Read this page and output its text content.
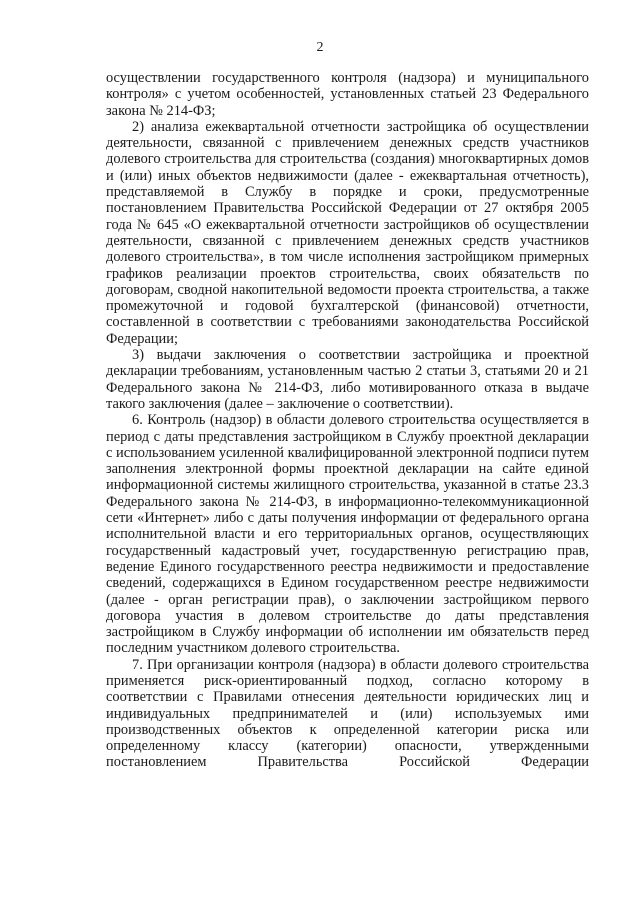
2

осуществлении государственного контроля (надзора) и муниципального контроля» с учетом особенностей, установленных статьей 23 Федерального закона № 214-ФЗ;

2) анализа ежеквартальной отчетности застройщика об осуществлении деятельности, связанной с привлечением денежных средств участников долевого строительства для строительства (создания) многоквартирных домов и (или) иных объектов недвижимости (далее - ежеквартальная отчетность), представляемой в Службу в порядке и сроки, предусмотренные постановлением Правительства Российской Федерации от 27 октября 2005 года № 645 «О ежеквартальной отчетности застройщиков об осуществлении деятельности, связанной с привлечением денежных средств участников долевого строительства», в том числе исполнения застройщиком примерных графиков реализации проектов строительства, своих обязательств по договорам, сводной накопительной ведомости проекта строительства, а также промежуточной и годовой бухгалтерской (финансовой) отчетности, составленной в соответствии с требованиями законодательства Российской Федерации;

3) выдачи заключения о соответствии застройщика и проектной декларации требованиям, установленным частью 2 статьи 3, статьями 20 и 21 Федерального закона № 214-ФЗ, либо мотивированного отказа в выдаче такого заключения (далее – заключение о соответствии).

6. Контроль (надзор) в области долевого строительства осуществляется в период с даты представления застройщиком в Службу проектной декларации с использованием усиленной квалифицированной электронной подписи путем заполнения электронной формы проектной декларации на сайте единой информационной системы жилищного строительства, указанной в статье 23.3 Федерального закона № 214-ФЗ, в информационно-телекоммуникационной сети «Интернет» либо с даты получения информации от федерального органа исполнительной власти и его территориальных органов, осуществляющих государственный кадастровый учет, государственную регистрацию прав, ведение Единого государственного реестра недвижимости и предоставление сведений, содержащихся в Едином государственном реестре недвижимости (далее - орган регистрации прав), о заключении застройщиком первого договора участия в долевом строительстве до даты представления застройщиком в Службу информации об исполнении им обязательств перед последним участником долевого строительства.

7. При организации контроля (надзора) в области долевого строительства применяется риск-ориентированный подход, согласно которому в соответствии с Правилами отнесения деятельности юридических лиц и индивидуальных предпринимателей и (или) используемых ими производственных объектов к определенной категории риска или определенному классу (категории) опасности, утвержденными постановлением Правительства Российской Федерации
